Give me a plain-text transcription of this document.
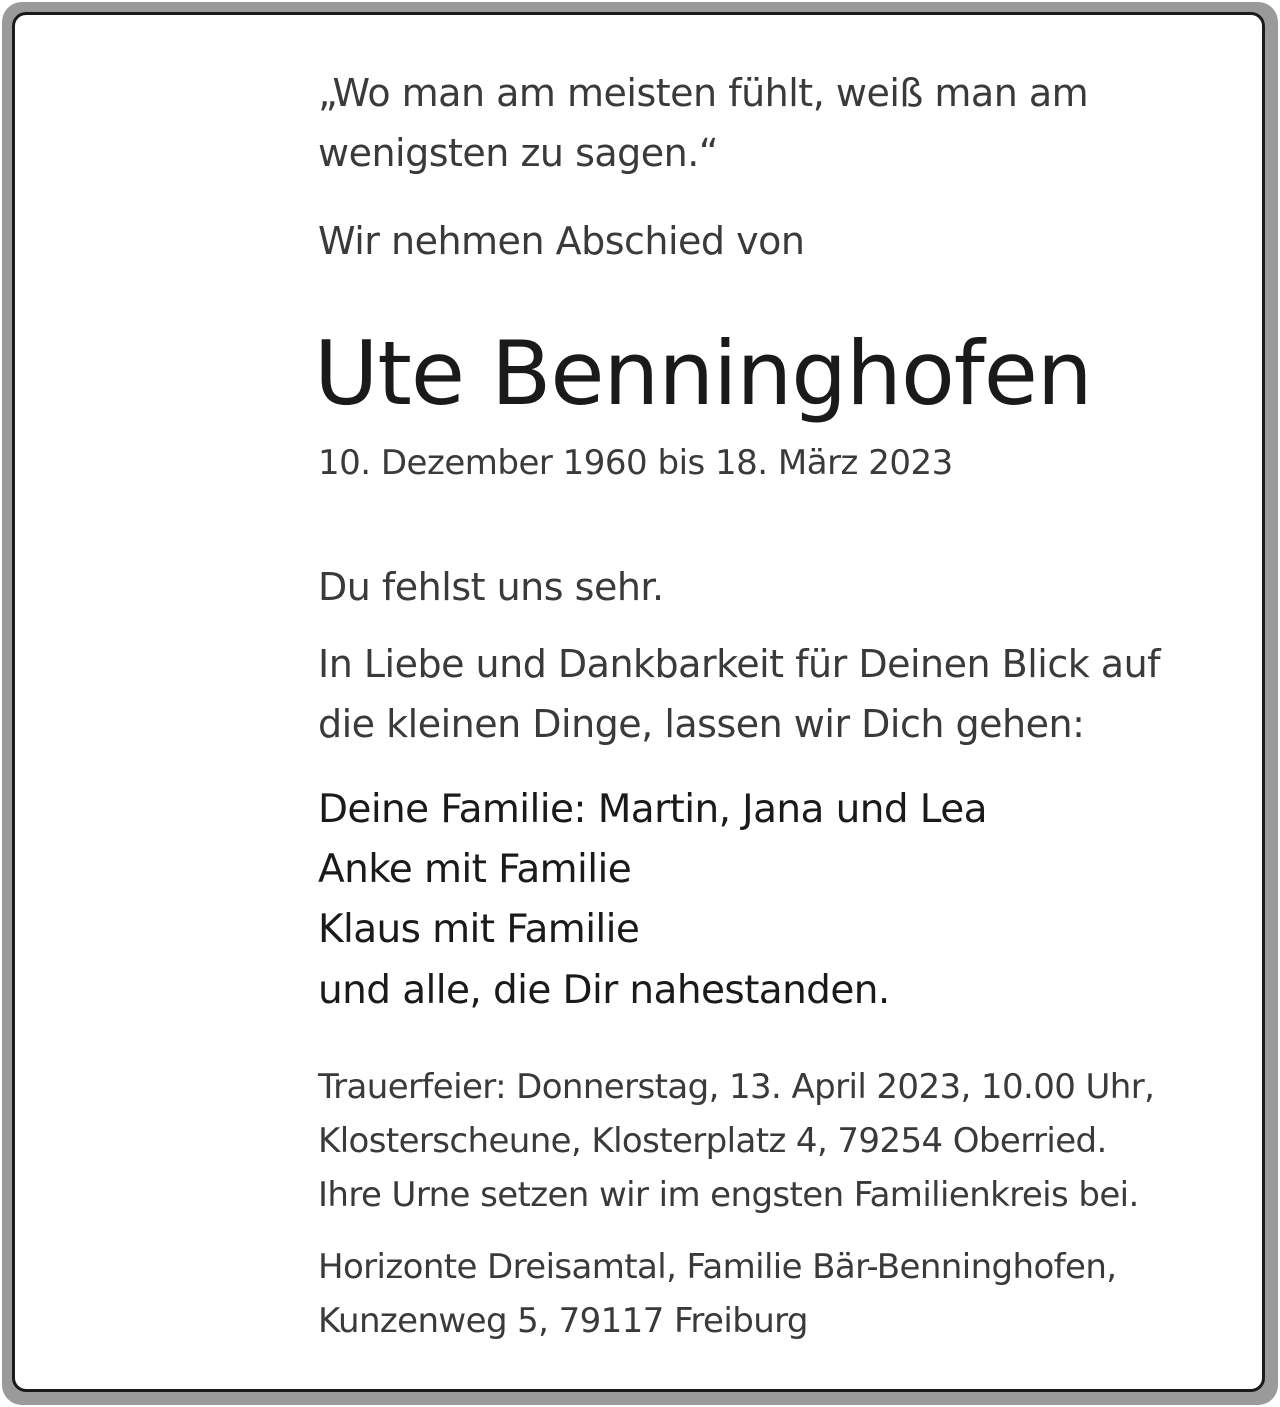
„Wo man am meisten fühlt, weiß man am
wenigsten zu sagen.“
Wir nehmen Abschied von
Ute Benninghofen
10. Dezember 1960 bis 18. März 2023
Du fehlst uns sehr.
In Liebe und Dankbarkeit für Deinen Blick auf
die kleinen Dinge, lassen wir Dich gehen:
Deine Familie: Martin, Jana und Lea
Anke mit Familie
Klaus mit Familie
und alle, die Dir nahestanden.
Trauerfeier: Donnerstag, 13. April 2023, 10.00 Uhr,
Klosterscheune, Klosterplatz 4, 79254 Oberried.
Ihre Urne setzen wir im engsten Familienkreis bei.
Horizonte Dreisamtal, Familie Bär-Benninghofen,
Kunzenweg 5, 79117 Freiburg
